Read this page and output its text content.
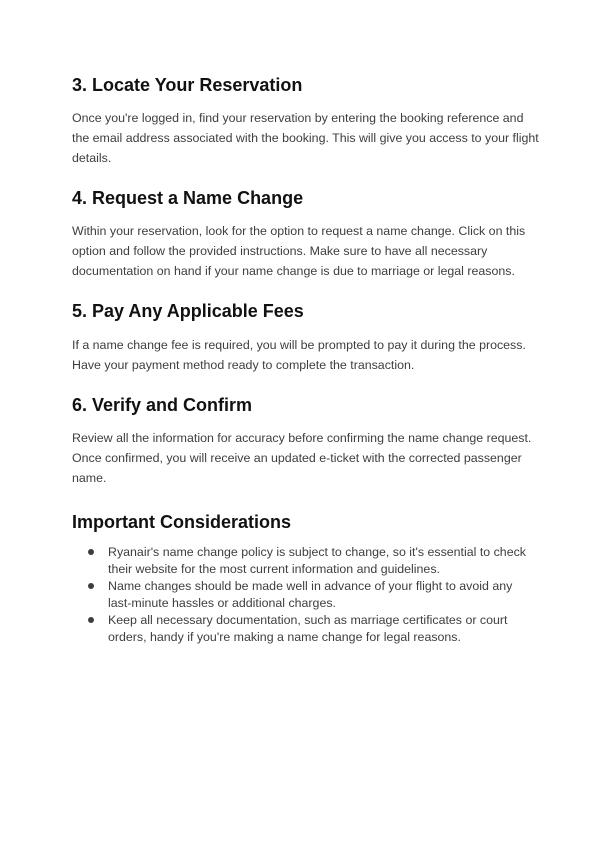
3. Locate Your Reservation

Once you're logged in, find your reservation by entering the booking reference and the email address associated with the booking. This will give you access to your flight details.

4. Request a Name Change

Within your reservation, look for the option to request a name change. Click on this option and follow the provided instructions. Make sure to have all necessary documentation on hand if your name change is due to marriage or legal reasons.

5. Pay Any Applicable Fees

If a name change fee is required, you will be prompted to pay it during the process. Have your payment method ready to complete the transaction.

6. Verify and Confirm

Review all the information for accuracy before confirming the name change request. Once confirmed, you will receive an updated e-ticket with the corrected passenger name.

Important Considerations
Ryanair's name change policy is subject to change, so it's essential to check their website for the most current information and guidelines.
Name changes should be made well in advance of your flight to avoid any last-minute hassles or additional charges.
Keep all necessary documentation, such as marriage certificates or court orders, handy if you're making a name change for legal reasons.
